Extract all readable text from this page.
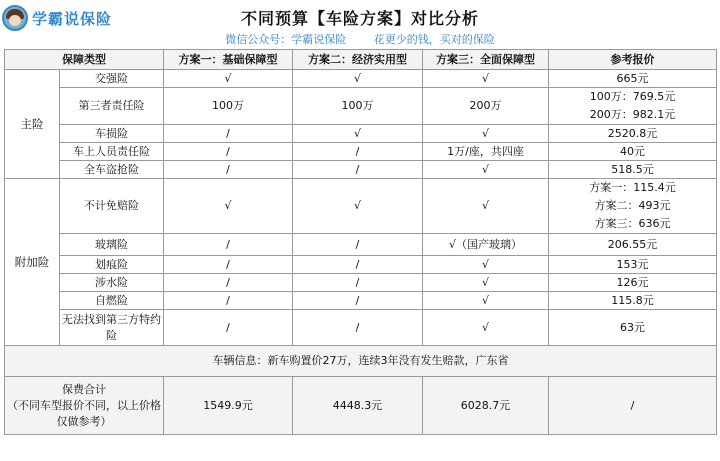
学霸说保险	不同预算【车险方案】对比分析
微信公众号：学霸说保险	花更少的钱，买对的保险
保障类型		方案一：基础保障型	方案二：经济实用型	方案三：全面保障型	参考报价
主险	交强险	√	√	√	665元
	第三者责任险	100万	100万	200万	100万：769.5元
200万：982.1元

	车损险	/	√	√	2520.8元
	车上人员责任险	/	/	1万/座，共四座	40元
	全车盗抢险	/	/	√	518.5元
附加险	不计免赔险	√	√	√	方案一：115.4元
方案二：493元
方案三：636元

	玻璃险	/	/	√（国产玻璃）	206.55元
	划痕险	/	/	√	153元
	涉水险	/	/	√	126元
	自燃险	/	/	√	115.8元
	无法找到第三方特约险	/	/	√	63元
车辆信息：新车购置价27万，连续3年没有发生赔款，广东省					
保费合计
（不同车型报价不同，以上价格仅做参考）		1549.9元	4448.3元	6028.7元	/
